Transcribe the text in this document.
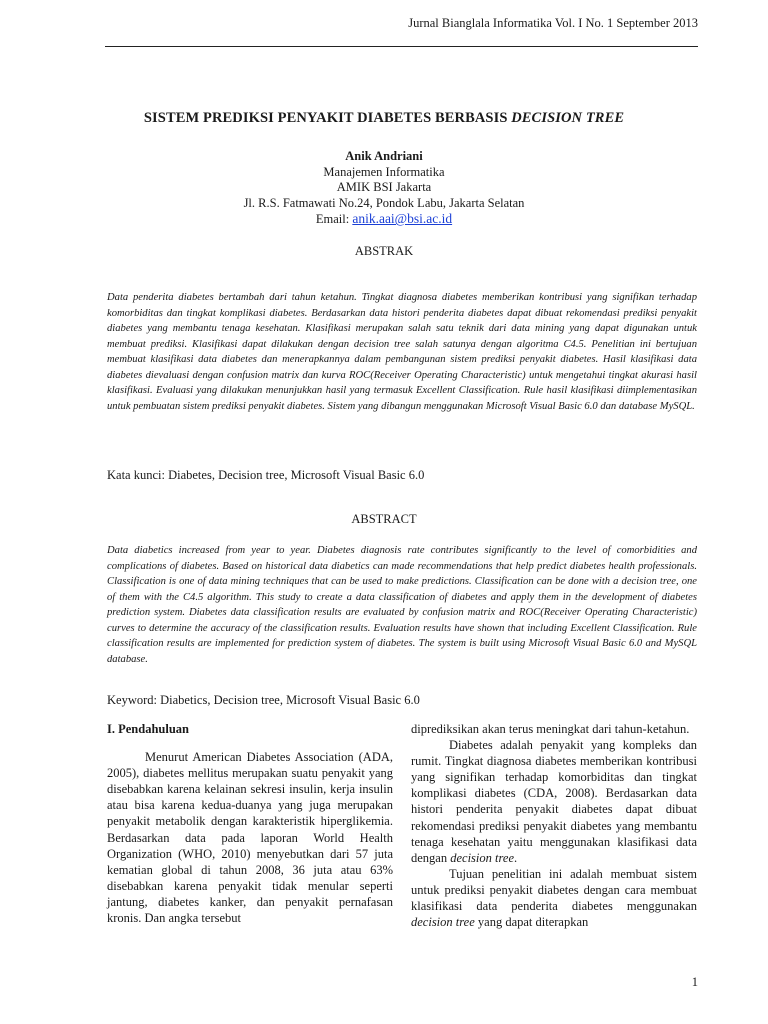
Jurnal Bianglala Informatika Vol. I No. 1 September 2013
SISTEM PREDIKSI PENYAKIT DIABETES BERBASIS DECISION TREE
Anik Andriani
Manajemen Informatika
AMIK BSI Jakarta
Jl. R.S. Fatmawati No.24, Pondok Labu, Jakarta Selatan
Email: anik.aai@bsi.ac.id
ABSTRAK
Data penderita diabetes bertambah dari tahun ketahun. Tingkat diagnosa diabetes memberikan kontribusi yang signifikan terhadap komorbiditas dan tingkat komplikasi diabetes. Berdasarkan data histori penderita diabetes dapat dibuat rekomendasi prediksi penyakit diabetes yang membantu tenaga kesehatan. Klasifikasi merupakan salah satu teknik dari data mining yang dapat digunakan untuk membuat prediksi. Klasifikasi dapat dilakukan dengan decision tree salah satunya dengan algoritma C4.5. Penelitian ini bertujuan membuat klasifikasi data diabetes dan menerapkannya dalam pembangunan sistem prediksi penyakit diabetes. Hasil klasifikasi data diabetes dievaluasi dengan confusion matrix dan kurva ROC(Receiver Operating Characteristic) untuk mengetahui tingkat akurasi hasil klasifikasi. Evaluasi yang dilakukan menunjukkan hasil yang termasuk Excellent Classification. Rule hasil klasifikasi diimplementasikan untuk pembuatan sistem prediksi penyakit diabetes. Sistem yang dibangun menggunakan Microsoft Visual Basic 6.0 dan database MySQL.
Kata kunci: Diabetes, Decision tree, Microsoft Visual Basic 6.0
ABSTRACT
Data diabetics increased from year to year. Diabetes diagnosis rate contributes significantly to the level of comorbidities and complications of diabetes. Based on historical data diabetics can made recommendations that help predict diabetes health professionals. Classification is one of data mining techniques that can be used to make predictions. Classification can be done with a decision tree, one of them with the C4.5 algorithm. This study to create a data classification of diabetes and apply them in the development of diabetes prediction system. Diabetes data classification results are evaluated by confusion matrix and ROC(Receiver Operating Characteristic) curves to determine the accuracy of the classification results. Evaluation results have shown that including Excellent Classification. Rule classification results are implemented for prediction system of diabetes. The system is built using Microsoft Visual Basic 6.0 and MySQL database.
Keyword: Diabetics, Decision tree, Microsoft Visual Basic 6.0
I. Pendahuluan

Menurut American Diabetes Association (ADA, 2005), diabetes mellitus merupakan suatu penyakit yang disebabkan karena kelainan sekresi insulin, kerja insulin atau bisa karena kedua-duanya yang juga merupakan penyakit metabolik dengan karakteristik hiperglikemia. Berdasarkan data pada laporan World Health Organization (WHO, 2010) menyebutkan dari 57 juta kematian global di tahun 2008, 36 juta atau 63% disebabkan karena penyakit tidak menular seperti jantung, diabetes kanker, dan penyakit pernafasan kronis. Dan angka tersebut

diprediksikan akan terus meningkat dari tahun-ketahun.

Diabetes adalah penyakit yang kompleks dan rumit. Tingkat diagnosa diabetes memberikan kontribusi yang signifikan terhadap komorbiditas dan tingkat komplikasi diabetes (CDA, 2008). Berdasarkan data histori penderita penyakit diabetes dapat dibuat rekomendasi prediksi penyakit diabetes yang membantu tenaga kesehatan yaitu menggunakan klasifikasi data dengan decision tree.

Tujuan penelitian ini adalah membuat sistem untuk prediksi penyakit diabetes dengan cara membuat klasifikasi data penderita diabetes menggunakan decision tree yang dapat diterapkan

1
